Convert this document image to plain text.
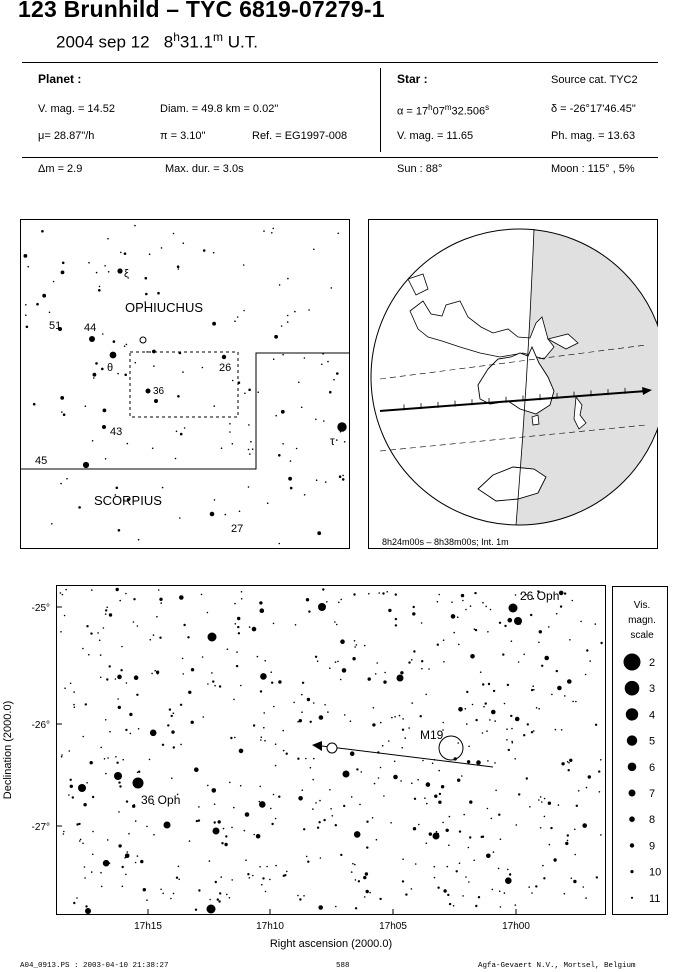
123 Brunhild – TYC 6819-07279-1
2004 sep 12 8$^h$31.1$^m$ U.T.
Planet :
V. mag. = 14.52	Diam. = 49.8 km = 0.02"
μ= 28.87"/h	π = 3.10"	Ref. = EG1997-008
Star :	Source cat. TYC2
$\alpha = 17^h07^m32.506^s$	δ = -26°17'46.45"
V. mag. = 11.65	Ph. mag. = 13.63
Δm = 2.9	Max. dur. = 3.0s	Sun : 88°	Moon : 115° , 5%
OPHIUCHUS
SCORPIUS
ξ
51 44
θ	26
36
43
45
τ
27
8h24m00s – 8h38m00s; Int. 1m
26 Oph
M19
36 Oph
-25°
-26°
-27°
17h15	17h10	17h05	17h00
Right ascension (2000.0)
Declination (2000.0)
Vis.
magn.
scale
2
3
4
5
6
7
8
9
10
11
A04_0913.PS : 2003-04-10 21:38:27	588	Agfa-Gevaert N.V., Mortsel, Belgium
